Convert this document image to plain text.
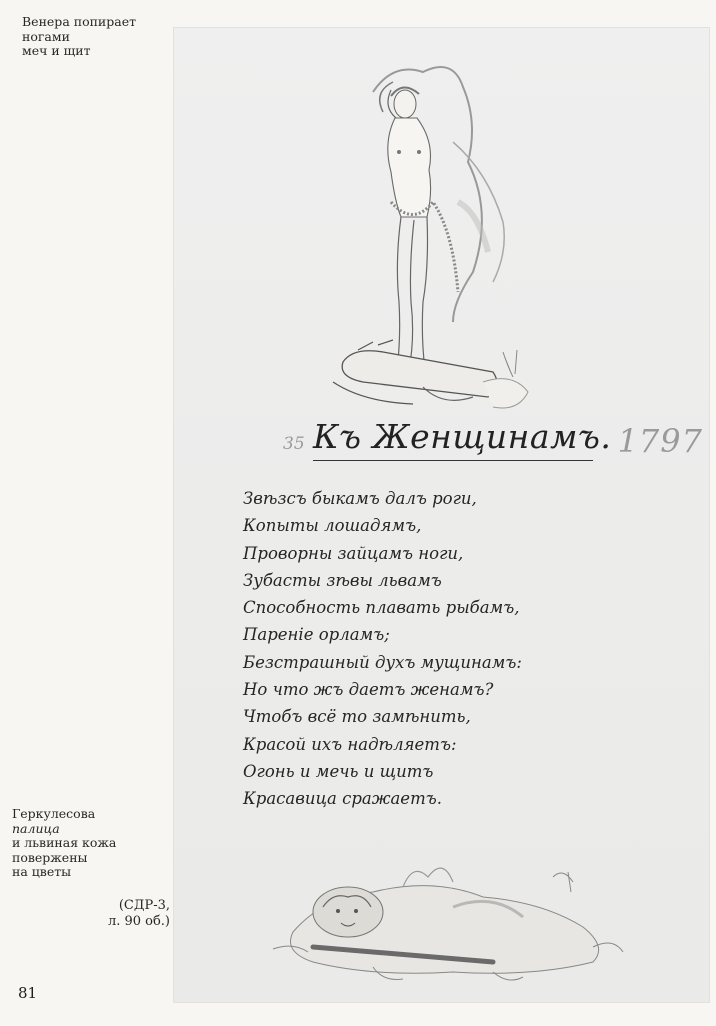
Венера попирает
ногами
меч и щит
Геркулесова
палица
и львиная кожа
повержены
на цветы
(СДР-3,
л. 90 об.)
81
35 Къ Женщинамъ. 1797
Звѣзсъ быкамъ далъ роги,
Копыты лошадямъ,
Проворны зайцамъ ноги,
Зубасты зѣвы львамъ
Способность плавать рыбамъ,
Паренiе орламъ;
Безстрашный духъ мущинамъ:
Но что жъ даетъ женамъ?
Чтобъ всё то замѣнить,
Красой ихъ надѣляетъ:
Огонь и мечь и щитъ
Красавица сражаетъ.
